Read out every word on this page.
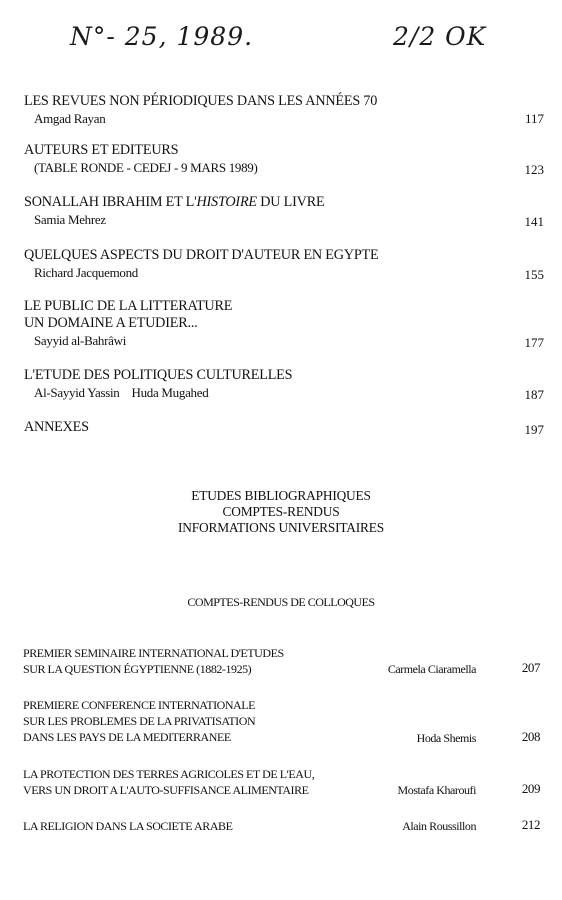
N°- 25, 1989.	2/2 OK
LES REVUES NON PÉRIODIQUES DANS LES ANNÉES 70
Amgad Rayan	117
AUTEURS ET EDITEURS
(TABLE RONDE - CEDEJ - 9 MARS 1989)	123
SONALLAH IBRAHIM ET L'HISTOIRE DU LIVRE
Samia Mehrez	141
QUELQUES ASPECTS DU DROIT D'AUTEUR EN EGYPTE
Richard Jacquemond	155
LE PUBLIC DE LA LITTERATURE
UN DOMAINE A ETUDIER...
Sayyid al-Bahrâwi	177
L'ETUDE DES POLITIQUES CULTURELLES
Al-Sayyid Yassin Huda Mugahed	187
ANNEXES	197
ETUDES BIBLIOGRAPHIQUES
COMPTES-RENDUS
INFORMATIONS UNIVERSITAIRES
COMPTES-RENDUS DE COLLOQUES
PREMIER SEMINAIRE INTERNATIONAL D'ETUDES
SUR LA QUESTION ÉGYPTIENNE (1882-1925)	Carmela Ciaramella	207
PREMIERE CONFERENCE INTERNATIONALE
SUR LES PROBLEMES DE LA PRIVATISATION
DANS LES PAYS DE LA MEDITERRANEE	Hoda Shemis	208
LA PROTECTION DES TERRES AGRICOLES ET DE L'EAU,
VERS UN DROIT A L'AUTO-SUFFISANCE ALIMENTAIRE	Mostafa Kharoufi	209
LA RELIGION DANS LA SOCIETE ARABE	Alain Roussillon	212
